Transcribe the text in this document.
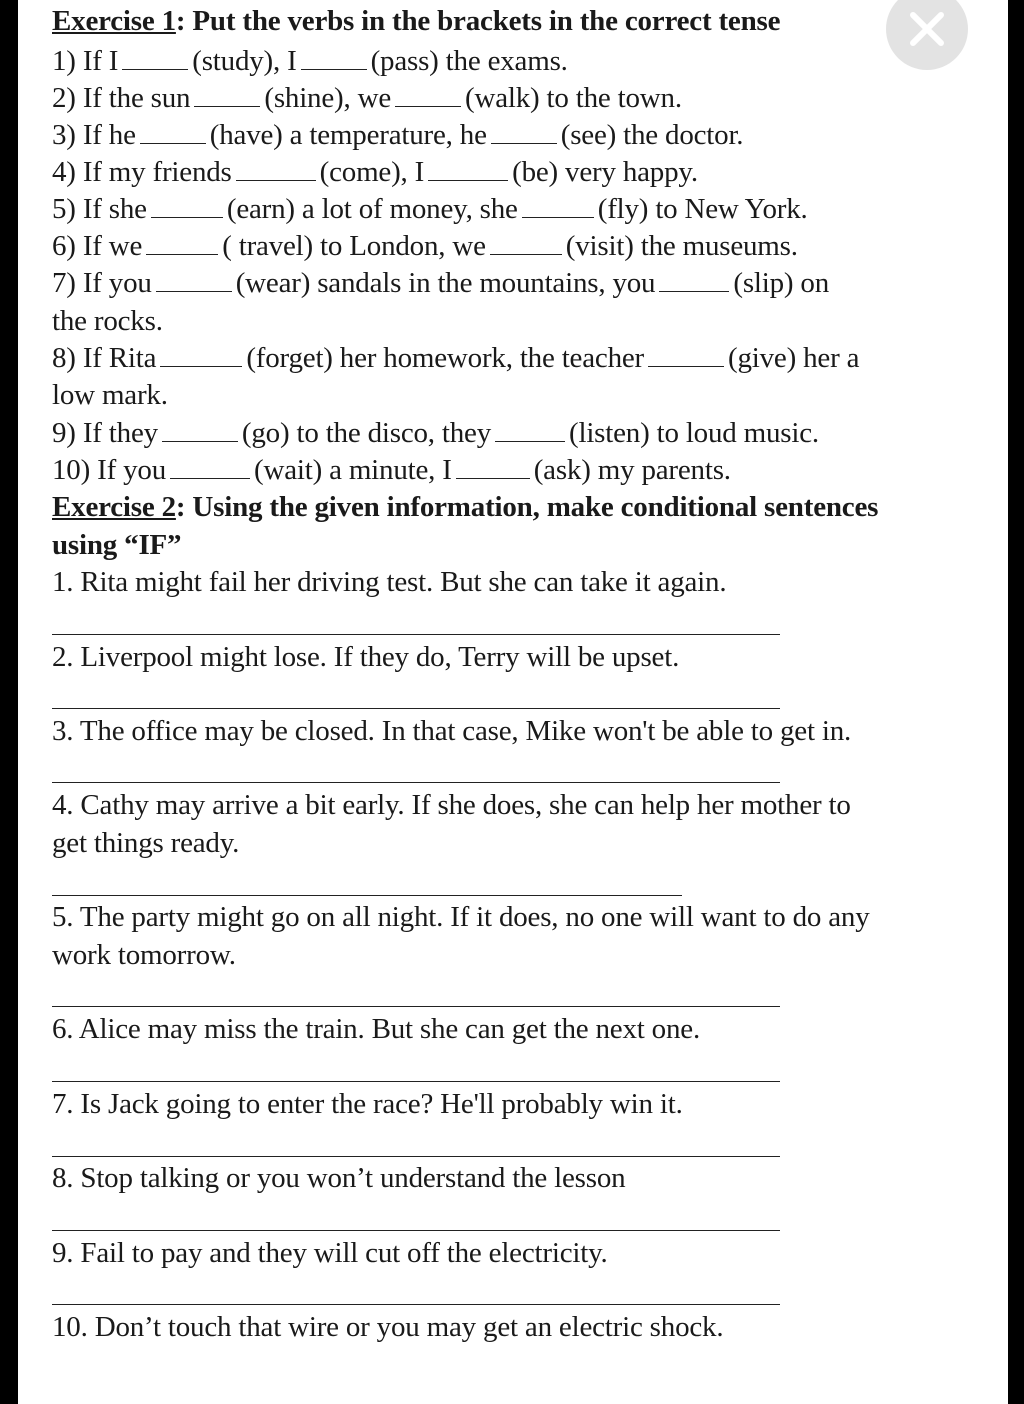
Exercise 1: Put the verbs in the brackets in the correct tense
1) If I	(study), I	(pass) the exams.
2) If the sun	(shine), we	(walk) to the town.
3) If he	(have) a temperature, he	(see) the doctor.
4) If my friends	(come), I	(be) very happy.
5) If she	(earn) a lot of money, she	(fly) to New York.
6) If we	( travel) to London, we	(visit) the museums.
7) If you	(wear) sandals in the mountains, you	(slip) on
the rocks.
8) If Rita	(forget) her homework, the teacher	(give) her a
low mark.
9) If they	(go) to the disco, they	(listen) to loud music.
10) If you	(wait) a minute, I	(ask) my parents.
Exercise 2: Using the given information, make conditional sentences
using “IF”
1. Rita might fail her driving test. But she can take it again.
2. Liverpool might lose. If they do, Terry will be upset.
3. The office may be closed. In that case, Mike won't be able to get in.
4. Cathy may arrive a bit early. If she does, she can help her mother to
get things ready.
5. The party might go on all night. If it does, no one will want to do any
work tomorrow.
6. Alice may miss the train. But she can get the next one.
7. Is Jack going to enter the race? He'll probably win it.
8. Stop talking or you won’t understand the lesson
9. Fail to pay and they will cut off the electricity.
10. Don’t touch that wire or you may get an electric shock.
